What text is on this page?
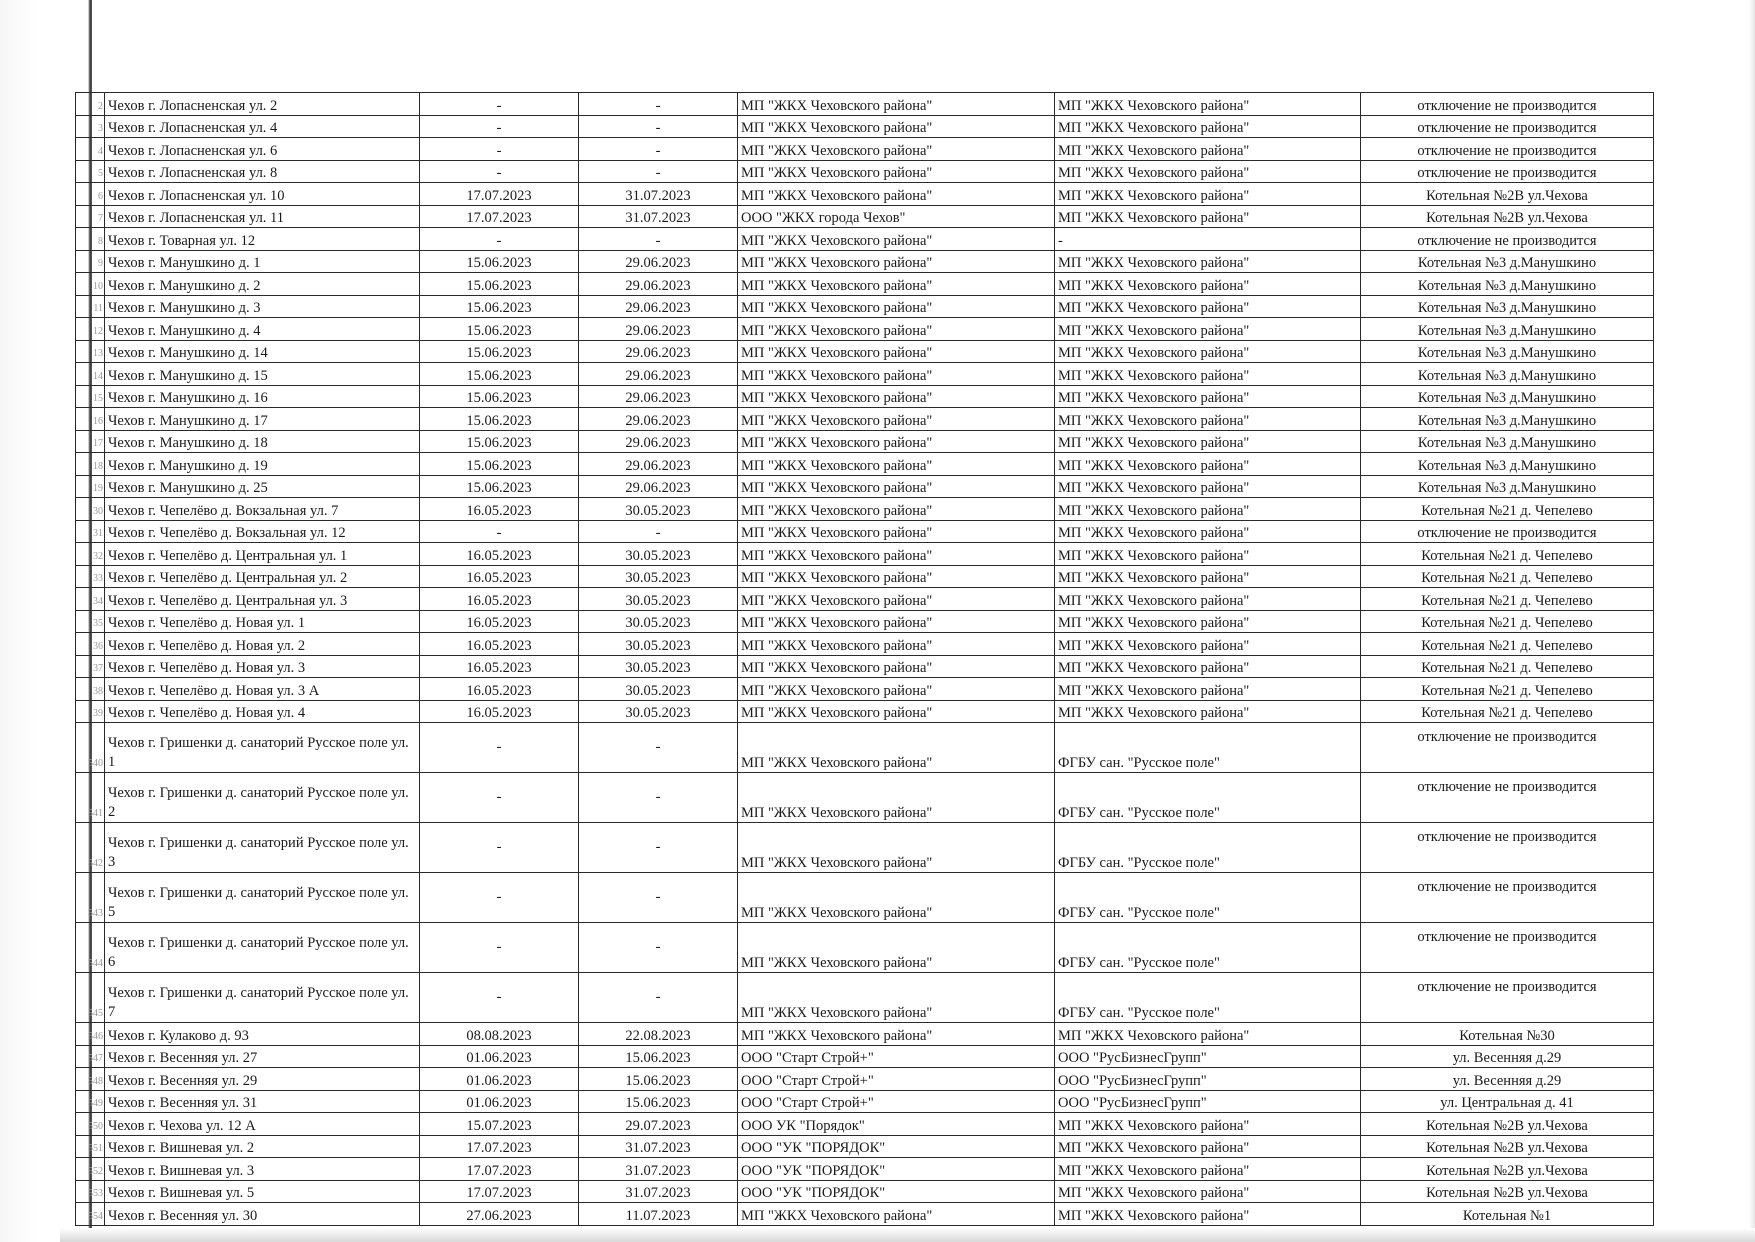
2	Чехов г. Лопасненская ул. 2	-	-	МП "ЖКХ Чеховского района"	МП "ЖКХ Чеховского района"	отключение не производится
3	Чехов г. Лопасненская ул. 4	-	-	МП "ЖКХ Чеховского района"	МП "ЖКХ Чеховского района"	отключение не производится
4	Чехов г. Лопасненская ул. 6	-	-	МП "ЖКХ Чеховского района"	МП "ЖКХ Чеховского района"	отключение не производится
5	Чехов г. Лопасненская ул. 8	-	-	МП "ЖКХ Чеховского района"	МП "ЖКХ Чеховского района"	отключение не производится
6	Чехов г. Лопасненская ул. 10	17.07.2023	31.07.2023	МП "ЖКХ Чеховского района"	МП "ЖКХ Чеховского района"	Котельная №2В ул.Чехова
7	Чехов г. Лопасненская ул. 11	17.07.2023	31.07.2023	ООО "ЖКХ города Чехов"	МП "ЖКХ Чеховского района"	Котельная №2В ул.Чехова
8	Чехов г. Товарная ул. 12	-	-	МП "ЖКХ Чеховского района"	-	отключение не производится
9	Чехов г. Манушкино д. 1	15.06.2023	29.06.2023	МП "ЖКХ Чеховского района"	МП "ЖКХ Чеховского района"	Котельная №3 д.Манушкино
10	Чехов г. Манушкино д. 2	15.06.2023	29.06.2023	МП "ЖКХ Чеховского района"	МП "ЖКХ Чеховского района"	Котельная №3 д.Манушкино
11	Чехов г. Манушкино д. 3	15.06.2023	29.06.2023	МП "ЖКХ Чеховского района"	МП "ЖКХ Чеховского района"	Котельная №3 д.Манушкино
12	Чехов г. Манушкино д. 4	15.06.2023	29.06.2023	МП "ЖКХ Чеховского района"	МП "ЖКХ Чеховского района"	Котельная №3 д.Манушкино
13	Чехов г. Манушкино д. 14	15.06.2023	29.06.2023	МП "ЖКХ Чеховского района"	МП "ЖКХ Чеховского района"	Котельная №3 д.Манушкино
14	Чехов г. Манушкино д. 15	15.06.2023	29.06.2023	МП "ЖКХ Чеховского района"	МП "ЖКХ Чеховского района"	Котельная №3 д.Манушкино
15	Чехов г. Манушкино д. 16	15.06.2023	29.06.2023	МП "ЖКХ Чеховского района"	МП "ЖКХ Чеховского района"	Котельная №3 д.Манушкино
16	Чехов г. Манушкино д. 17	15.06.2023	29.06.2023	МП "ЖКХ Чеховского района"	МП "ЖКХ Чеховского района"	Котельная №3 д.Манушкино
17	Чехов г. Манушкино д. 18	15.06.2023	29.06.2023	МП "ЖКХ Чеховского района"	МП "ЖКХ Чеховского района"	Котельная №3 д.Манушкино
18	Чехов г. Манушкино д. 19	15.06.2023	29.06.2023	МП "ЖКХ Чеховского района"	МП "ЖКХ Чеховского района"	Котельная №3 д.Манушкино
19	Чехов г. Манушкино д. 25	15.06.2023	29.06.2023	МП "ЖКХ Чеховского района"	МП "ЖКХ Чеховского района"	Котельная №3 д.Манушкино
30	Чехов г. Чепелёво д. Вокзальная ул. 7	16.05.2023	30.05.2023	МП "ЖКХ Чеховского района"	МП "ЖКХ Чеховского района"	Котельная №21 д. Чепелево
31	Чехов г. Чепелёво д. Вокзальная ул. 12	-	-	МП "ЖКХ Чеховского района"	МП "ЖКХ Чеховского района"	отключение не производится
32	Чехов г. Чепелёво д. Центральная ул. 1	16.05.2023	30.05.2023	МП "ЖКХ Чеховского района"	МП "ЖКХ Чеховского района"	Котельная №21 д. Чепелево
33	Чехов г. Чепелёво д. Центральная ул. 2	16.05.2023	30.05.2023	МП "ЖКХ Чеховского района"	МП "ЖКХ Чеховского района"	Котельная №21 д. Чепелево
34	Чехов г. Чепелёво д. Центральная ул. 3	16.05.2023	30.05.2023	МП "ЖКХ Чеховского района"	МП "ЖКХ Чеховского района"	Котельная №21 д. Чепелево
35	Чехов г. Чепелёво д. Новая ул. 1	16.05.2023	30.05.2023	МП "ЖКХ Чеховского района"	МП "ЖКХ Чеховского района"	Котельная №21 д. Чепелево
36	Чехов г. Чепелёво д. Новая ул. 2	16.05.2023	30.05.2023	МП "ЖКХ Чеховского района"	МП "ЖКХ Чеховского района"	Котельная №21 д. Чепелево
37	Чехов г. Чепелёво д. Новая ул. 3	16.05.2023	30.05.2023	МП "ЖКХ Чеховского района"	МП "ЖКХ Чеховского района"	Котельная №21 д. Чепелево
38	Чехов г. Чепелёво д. Новая ул. 3 А	16.05.2023	30.05.2023	МП "ЖКХ Чеховского района"	МП "ЖКХ Чеховского района"	Котельная №21 д. Чепелево
39	Чехов г. Чепелёво д. Новая ул. 4	16.05.2023	30.05.2023	МП "ЖКХ Чеховского района"	МП "ЖКХ Чеховского района"	Котельная №21 д. Чепелево
540	Чехов г. Гришенки д. санаторий Русское поле ул. 1	-	-	МП "ЖКХ Чеховского района"	ФГБУ сан. "Русское поле"	отключение не производится
541	Чехов г. Гришенки д. санаторий Русское поле ул. 2	-	-	МП "ЖКХ Чеховского района"	ФГБУ сан. "Русское поле"	отключение не производится
542	Чехов г. Гришенки д. санаторий Русское поле ул. 3	-	-	МП "ЖКХ Чеховского района"	ФГБУ сан. "Русское поле"	отключение не производится
543	Чехов г. Гришенки д. санаторий Русское поле ул. 5	-	-	МП "ЖКХ Чеховского района"	ФГБУ сан. "Русское поле"	отключение не производится
544	Чехов г. Гришенки д. санаторий Русское поле ул. 6	-	-	МП "ЖКХ Чеховского района"	ФГБУ сан. "Русское поле"	отключение не производится
545	Чехов г. Гришенки д. санаторий Русское поле ул. 7	-	-	МП "ЖКХ Чеховского района"	ФГБУ сан. "Русское поле"	отключение не производится
546	Чехов г. Кулаково д. 93	08.08.2023	22.08.2023	МП "ЖКХ Чеховского района"	МП "ЖКХ Чеховского района"	Котельная №30
547	Чехов г. Весенняя ул. 27	01.06.2023	15.06.2023	ООО "Старт Строй+"	ООО "РусБизнесГрупп"	ул. Весенняя д.29
548	Чехов г. Весенняя ул. 29	01.06.2023	15.06.2023	ООО "Старт Строй+"	ООО "РусБизнесГрупп"	ул. Весенняя д.29
549	Чехов г. Весенняя ул. 31	01.06.2023	15.06.2023	ООО "Старт Строй+"	ООО "РусБизнесГрупп"	ул. Центральная д. 41
550	Чехов г. Чехова ул. 12 А	15.07.2023	29.07.2023	ООО УК "Порядок"	МП "ЖКХ Чеховского района"	Котельная №2В ул.Чехова
551	Чехов г. Вишневая ул. 2	17.07.2023	31.07.2023	ООО "УК "ПОРЯДОК"	МП "ЖКХ Чеховского района"	Котельная №2В ул.Чехова
552	Чехов г. Вишневая ул. 3	17.07.2023	31.07.2023	ООО "УК "ПОРЯДОК"	МП "ЖКХ Чеховского района"	Котельная №2В ул.Чехова
553	Чехов г. Вишневая ул. 5	17.07.2023	31.07.2023	ООО "УК "ПОРЯДОК"	МП "ЖКХ Чеховского района"	Котельная №2В ул.Чехова
554	Чехов г. Весенняя ул. 30	27.06.2023	11.07.2023	МП "ЖКХ Чеховского района"	МП "ЖКХ Чеховского района"	Котельная №1
